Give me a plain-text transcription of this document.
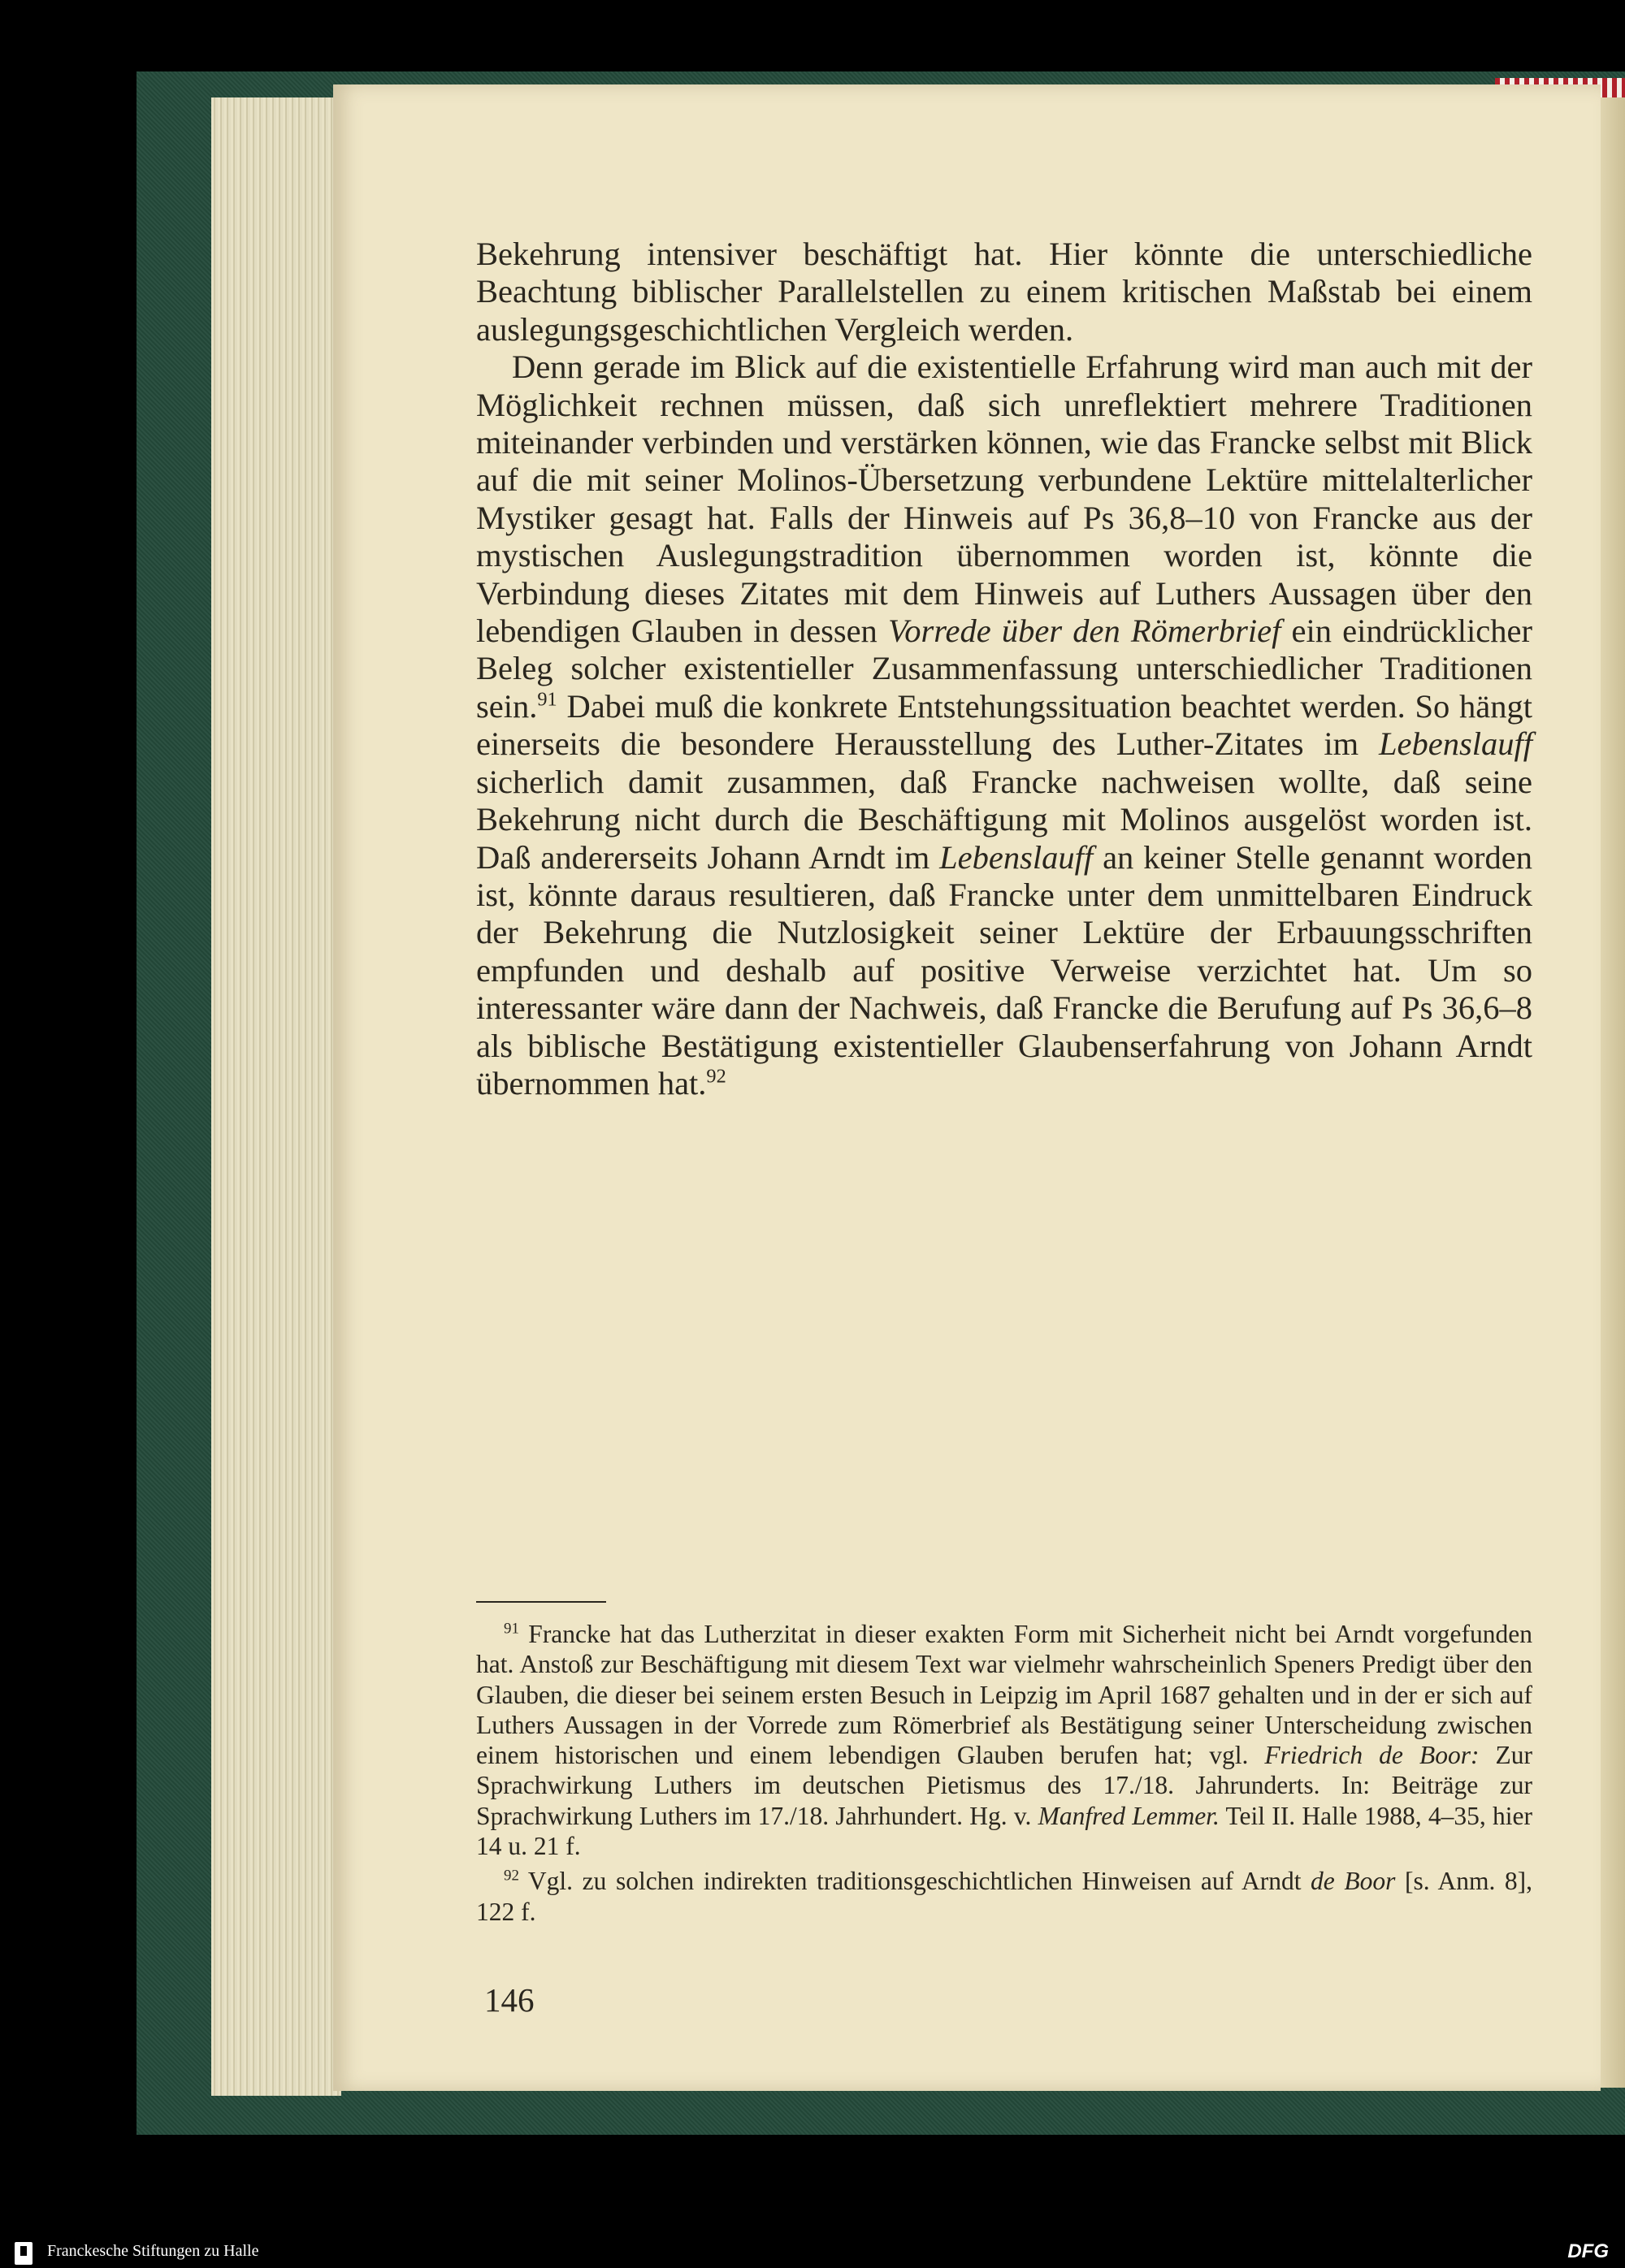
Bekehrung intensiver beschäftigt hat. Hier könnte die unterschiedliche Beachtung biblischer Parallelstellen zu einem kritischen Maßstab bei einem auslegungsgeschichtlichen Vergleich werden.

Denn gerade im Blick auf die existentielle Erfahrung wird man auch mit der Möglichkeit rechnen müssen, daß sich unreflektiert mehrere Traditionen miteinander verbinden und verstärken können, wie das Francke selbst mit Blick auf die mit seiner Molinos-Übersetzung verbundene Lektüre mittelalterlicher Mystiker gesagt hat. Falls der Hinweis auf Ps 36,8–10 von Francke aus der mystischen Auslegungstradition übernommen worden ist, könnte die Verbindung dieses Zitates mit dem Hinweis auf Luthers Aussagen über den lebendigen Glauben in dessen Vorrede über den Römerbrief ein eindrücklicher Beleg solcher existentieller Zusammenfassung unterschiedlicher Traditionen sein.$^{91}$ Dabei muß die konkrete Entstehungssituation beachtet werden. So hängt einerseits die besondere Herausstellung des Luther-Zitates im Lebenslauff sicherlich damit zusammen, daß Francke nachweisen wollte, daß seine Bekehrung nicht durch die Beschäftigung mit Molinos ausgelöst worden ist. Daß andererseits Johann Arndt im Lebenslauff an keiner Stelle genannt worden ist, könnte daraus resultieren, daß Francke unter dem unmittelbaren Eindruck der Bekehrung die Nutzlosigkeit seiner Lektüre der Erbauungsschriften empfunden und deshalb auf positive Verweise verzichtet hat. Um so interessanter wäre dann der Nachweis, daß Francke die Berufung auf Ps 36,6–8 als biblische Bestätigung existentieller Glaubenserfahrung von Johann Arndt übernommen hat.$^{92}$

$^{91}$ Francke hat das Lutherzitat in dieser exakten Form mit Sicherheit nicht bei Arndt vorgefunden hat. Anstoß zur Beschäftigung mit diesem Text war vielmehr wahrscheinlich Speners Predigt über den Glauben, die dieser bei seinem ersten Besuch in Leipzig im April 1687 gehalten und in der er sich auf Luthers Aussagen in der Vorrede zum Römerbrief als Bestätigung seiner Unterscheidung zwischen einem historischen und einem lebendigen Glauben berufen hat; vgl. Friedrich de Boor: Zur Sprachwirkung Luthers im deutschen Pietismus des 17./18. Jahrunderts. In: Beiträge zur Sprachwirkung Luthers im 17./18. Jahrhundert. Hg. v. Manfred Lemmer. Teil II. Halle 1988, 4–35, hier 14 u. 21 f.

$^{92}$ Vgl. zu solchen indirekten traditionsgeschichtlichen Hinweisen auf Arndt de Boor [s. Anm. 8], 122 f.

146
Franckesche Stiftungen zu Halle	DFG
